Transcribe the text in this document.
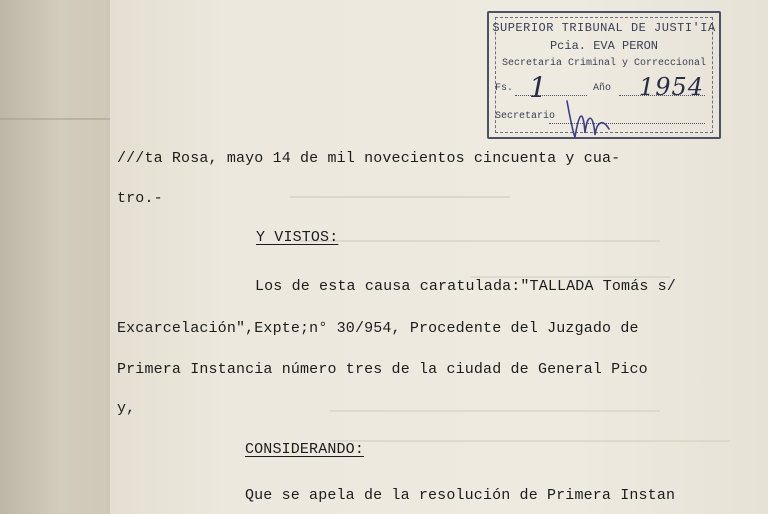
SUPERIOR TRIBUNAL DE JUSTI'IA
Pcia. EVA PERON
Secretaria Criminal y Correccional
Fs.	Año
Secretario
1	1954
///ta Rosa, mayo 14 de mil novecientos cincuenta y cua-
tro.-
Y VISTOS:
Los de esta causa caratulada:"TALLADA Tomás s/
Excarcelación",Expte;n° 30/954, Procedente del Juzgado de
Primera Instancia número tres de la ciudad de General Pico
y,
CONSIDERANDO:
Que se apela de la resolución de Primera Instan
